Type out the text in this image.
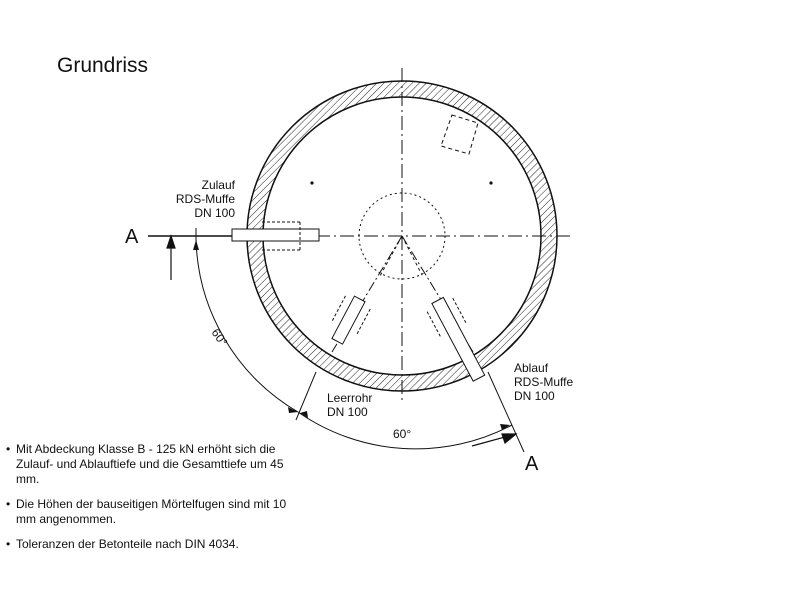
Grundriss
Zulauf
RDS-Muffe
DN 100
Ablauf
RDS-Muffe
DN 100
Leerrohr
DN 100
A
A
60°
60°
• Mit Abdeckung Klasse B - 125 kN erhöht sich die Zulauf- und Ablauftiefe und die Gesamttiefe um 45 mm.
• Die Höhen der bauseitigen Mörtelfugen sind mit 10 mm angenommen.
• Toleranzen der Betonteile nach DIN 4034.
